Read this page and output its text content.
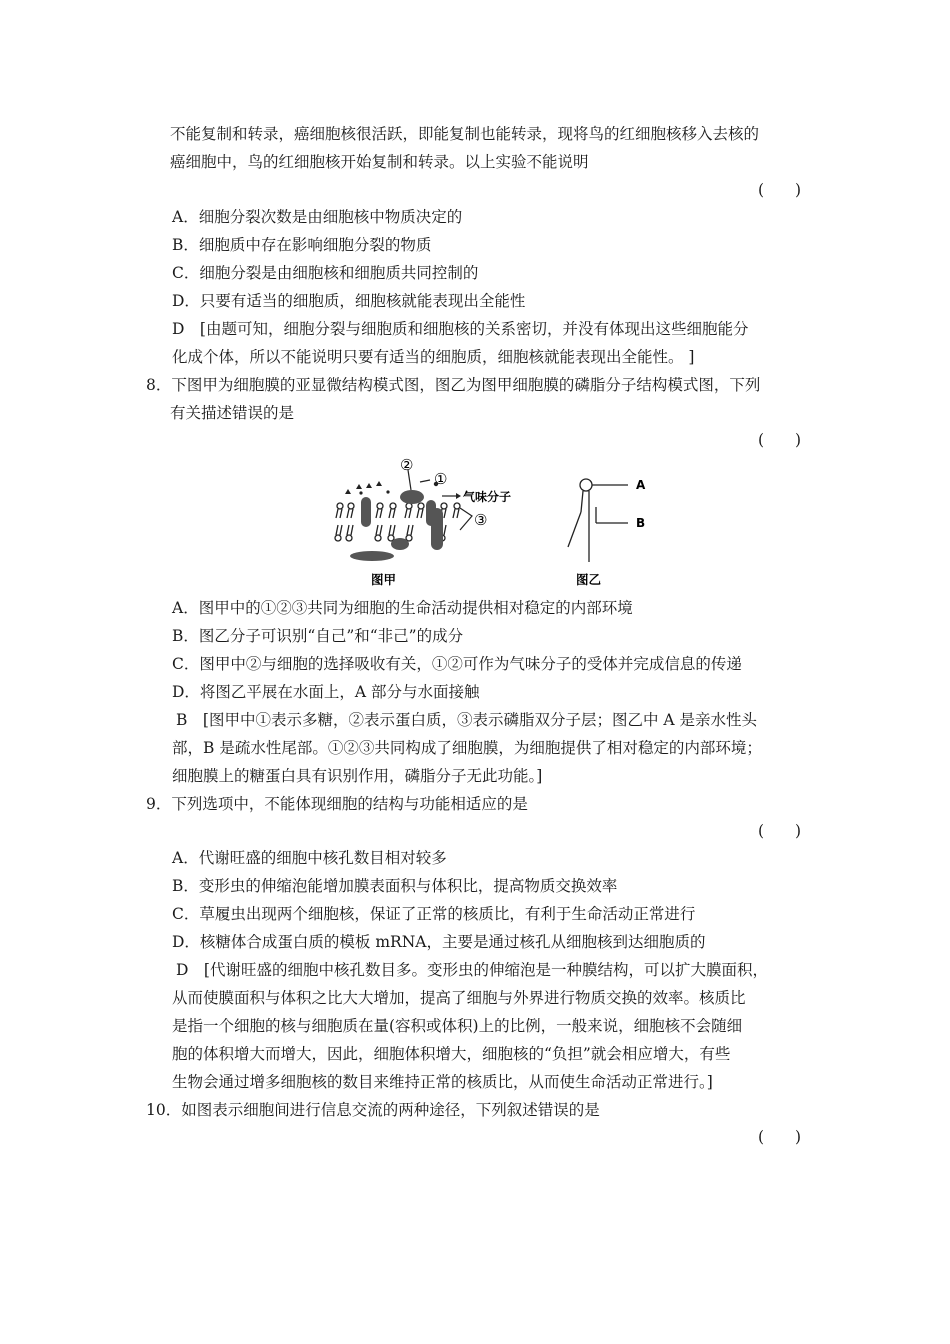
不能复制和转录，癌细胞核很活跃，即能复制也能转录，现将鸟的红细胞核移入去核的
癌细胞中，鸟的红细胞核开始复制和转录。以上实验不能说明
(　　)
A．细胞分裂次数是由细胞核中物质决定的
B．细胞质中存在影响细胞分裂的物质
C．细胞分裂是由细胞核和细胞质共同控制的
D．只要有适当的细胞质，细胞核就能表现出全能性
D　[由题可知，细胞分裂与细胞质和细胞核的关系密切，并没有体现出这些细胞能分
化成个体，所以不能说明只要有适当的细胞质，细胞核就能表现出全能性。 ]
8．下图甲为细胞膜的亚显微结构模式图，图乙为图甲细胞膜的磷脂分子结构模式图，下列
有关描述错误的是
(　　)
②
①
气味分子
③
A
B
图甲	图乙
A．图甲中的①②③共同为细胞的生命活动提供相对稳定的内部环境
B．图乙分子可识别“自己”和“非己”的成分
C．图甲中②与细胞的选择吸收有关，①②可作为气味分子的受体并完成信息的传递
D．将图乙平展在水面上，A 部分与水面接触
B　[图甲中①表示多糖，②表示蛋白质，③表示磷脂双分子层；图乙中 A 是亲水性头
部，B 是疏水性尾部。①②③共同构成了细胞膜，为细胞提供了相对稳定的内部环境；
细胞膜上的糖蛋白具有识别作用，磷脂分子无此功能。]
9．下列选项中，不能体现细胞的结构与功能相适应的是
(　　)
A．代谢旺盛的细胞中核孔数目相对较多
B．变形虫的伸缩泡能增加膜表面积与体积比，提高物质交换效率
C．草履虫出现两个细胞核，保证了正常的核质比，有利于生命活动正常进行
D．核糖体合成蛋白质的模板 mRNA，主要是通过核孔从细胞核到达细胞质的
D　[代谢旺盛的细胞中核孔数目多。变形虫的伸缩泡是一种膜结构，可以扩大膜面积，
从而使膜面积与体积之比大大增加，提高了细胞与外界进行物质交换的效率。核质比
是指一个细胞的核与细胞质在量(容积或体积)上的比例，一般来说，细胞核不会随细
胞的体积增大而增大，因此，细胞体积增大，细胞核的“负担”就会相应增大，有些
生物会通过增多细胞核的数目来维持正常的核质比，从而使生命活动正常进行。]
10．如图表示细胞间进行信息交流的两种途径，下列叙述错误的是
(　　)
